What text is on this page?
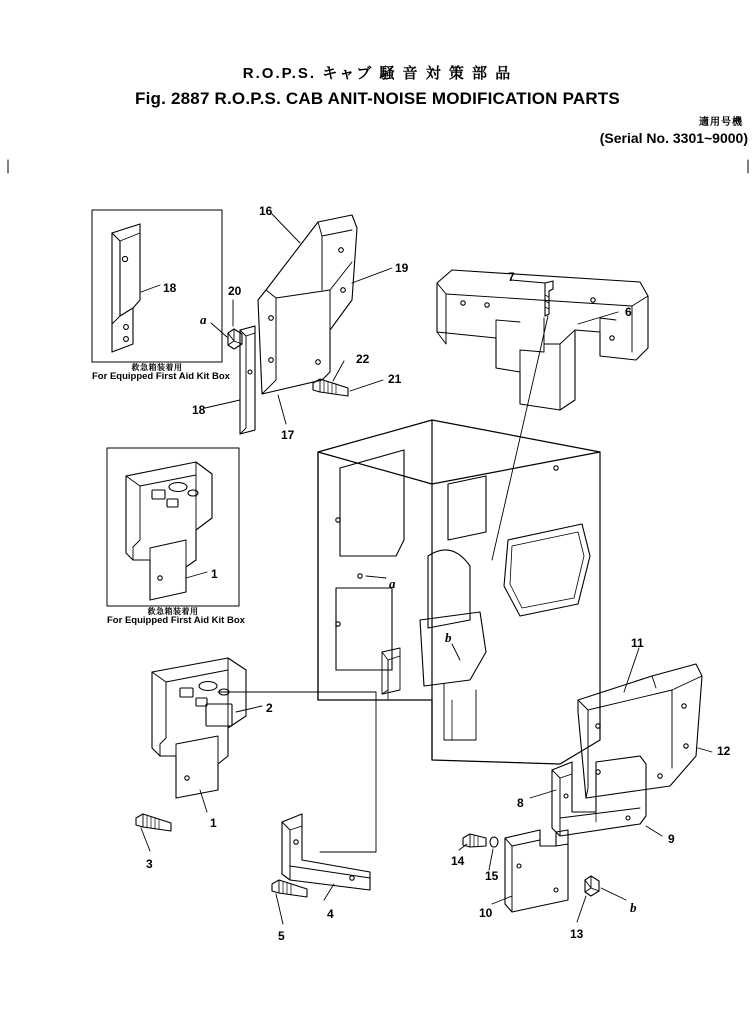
R.O.P.S. キャブ 騒 音 対 策 部 品
Fig. 2887 R.O.P.S. CAB ANIT-NOISE MODIFICATION PARTS
適用号機
(Serial No. 3301~9000)
救急箱装着用
For Equipped First Aid Kit Box
救急箱装着用
For Equipped First Aid Kit Box
16
19
7
6
20
18
22
21
18
17
1
2
11
12
8
9
1
3
4
5
14
15
10
13
a
a
b
b
